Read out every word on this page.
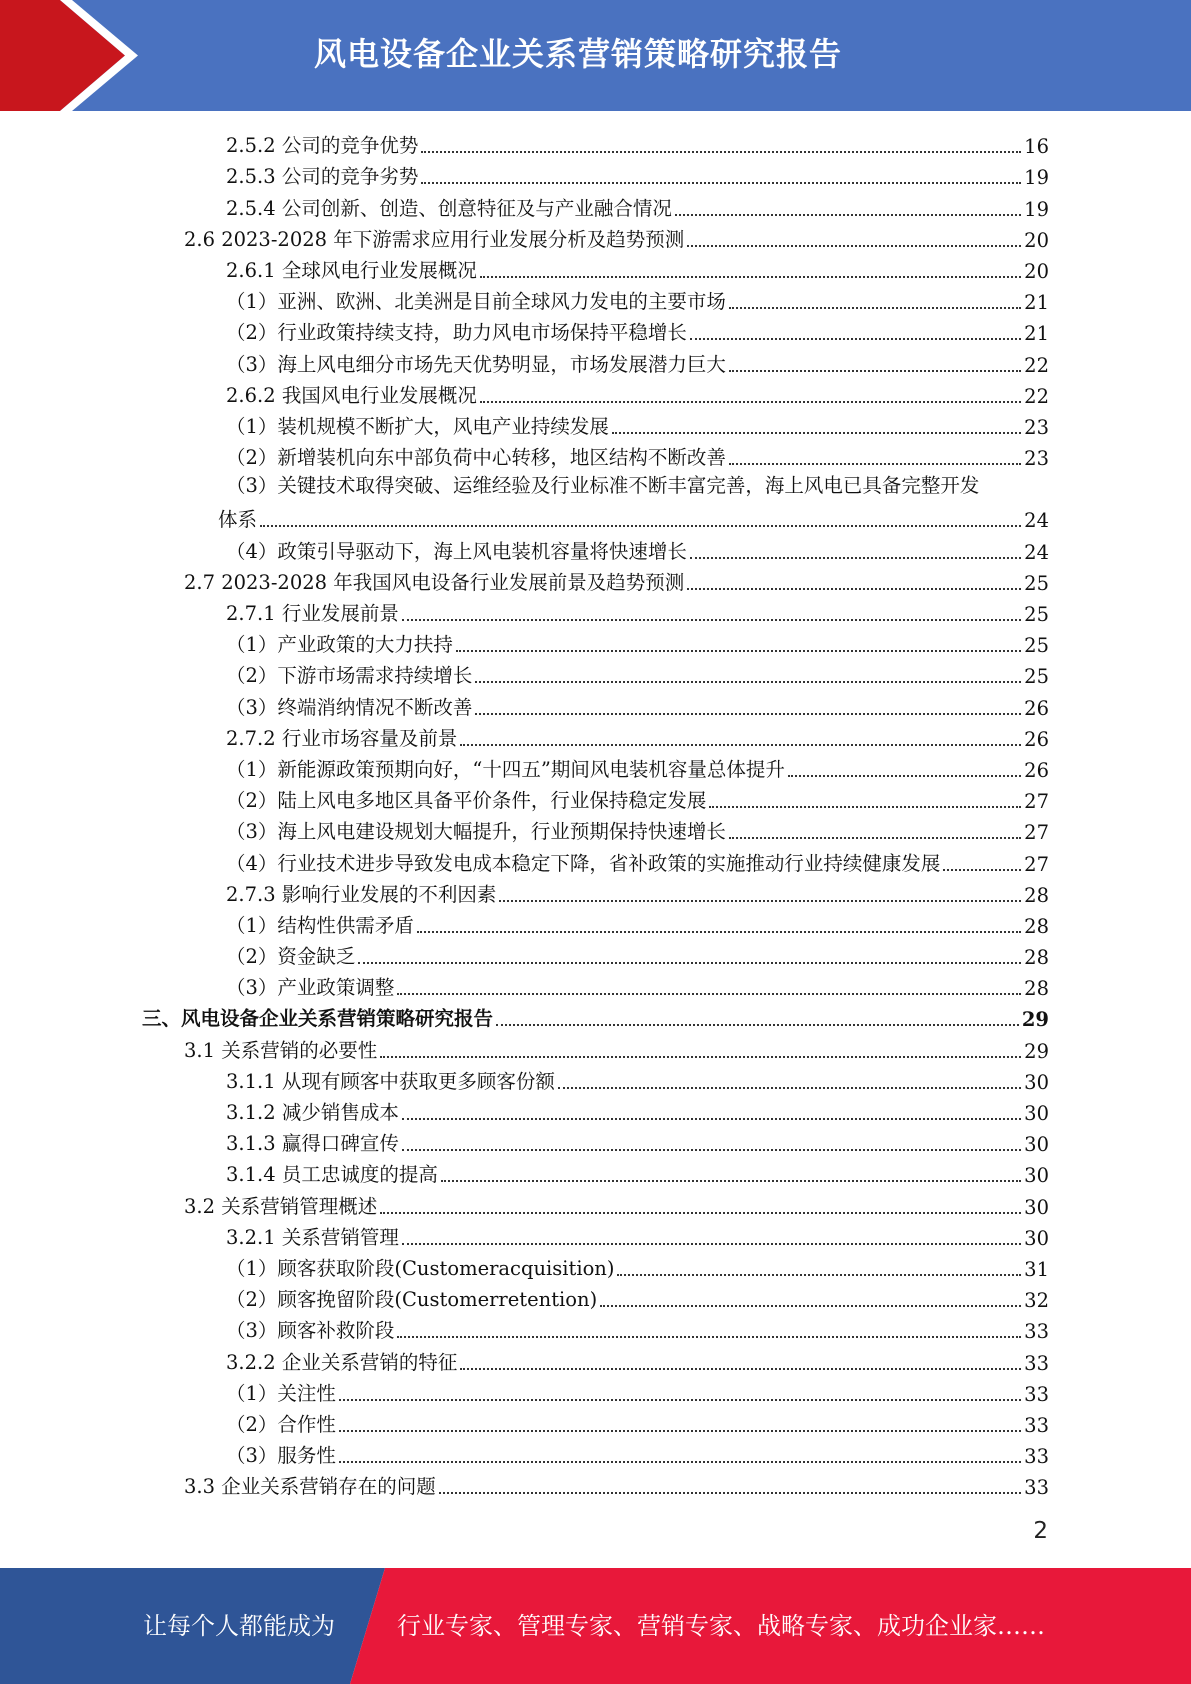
风电设备企业关系营销策略研究报告
2.5.2 公司的竞争优势	16
2.5.3 公司的竞争劣势	19
2.5.4 公司创新、创造、创意特征及与产业融合情况	19
2.6 2023-2028 年下游需求应用行业发展分析及趋势预测	20
2.6.1 全球风电行业发展概况	20
（1）亚洲、欧洲、北美洲是目前全球风力发电的主要市场	21
（2）行业政策持续支持，助力风电市场保持平稳增长	21
（3）海上风电细分市场先天优势明显，市场发展潜力巨大	22
2.6.2 我国风电行业发展概况	22
（1）装机规模不断扩大，风电产业持续发展	23
（2）新增装机向东中部负荷中心转移，地区结构不断改善	23
（3）关键技术取得突破、运维经验及行业标准不断丰富完善，海上风电已具备完整开发
体系	24
（4）政策引导驱动下，海上风电装机容量将快速增长	24
2.7 2023-2028 年我国风电设备行业发展前景及趋势预测	25
2.7.1 行业发展前景	25
（1）产业政策的大力扶持	25
（2）下游市场需求持续增长	25
（3）终端消纳情况不断改善	26
2.7.2 行业市场容量及前景	26
（1）新能源政策预期向好，“十四五”期间风电装机容量总体提升	26
（2）陆上风电多地区具备平价条件，行业保持稳定发展	27
（3）海上风电建设规划大幅提升，行业预期保持快速增长	27
（4）行业技术进步导致发电成本稳定下降，省补政策的实施推动行业持续健康发展	27
2.7.3 影响行业发展的不利因素	28
（1）结构性供需矛盾	28
（2）资金缺乏	28
（3）产业政策调整	28
三、风电设备企业关系营销策略研究报告	29
3.1 关系营销的必要性	29
3.1.1 从现有顾客中获取更多顾客份额	30
3.1.2 减少销售成本	30
3.1.3 赢得口碑宣传	30
3.1.4 员工忠诚度的提高	30
3.2 关系营销管理概述	30
3.2.1 关系营销管理	30
（1）顾客获取阶段(Customeracquisition)	31
（2）顾客挽留阶段(Customerretention)	32
（3）顾客补救阶段	33
3.2.2 企业关系营销的特征	33
（1）关注性	33
（2）合作性	33
（3）服务性	33
3.3 企业关系营销存在的问题	33
2
让每个人都能成为	行业专家、管理专家、营销专家、战略专家、成功企业家……
